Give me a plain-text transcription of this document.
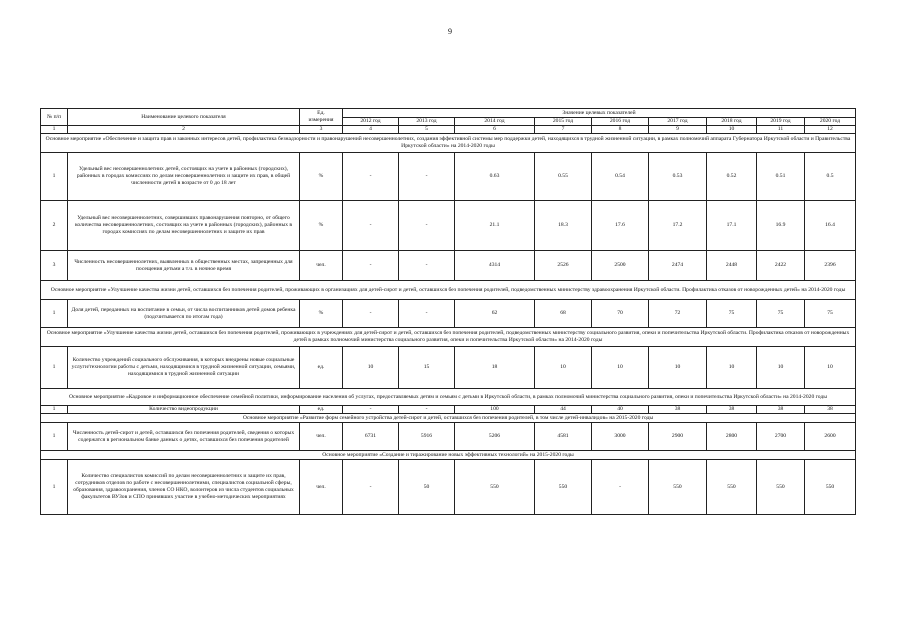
9
№ п/п	Наименование целевого показателя	Ед.
измерения	Значение целевых показателей								
			2012 год	2013 год	2014 год	2015 год	2016 год	2017 год	2018 год	2019 год	2020 год
1	2	3	4	5	6	7	8	9	10	11	12
Основное мероприятие «Обеспечение и защита прав и законных интересов детей, профилактика безнадзорности и правонарушений несовершеннолетних, создания эффективной системы мер поддержки детей, находящихся в трудной жизненной ситуации, в рамках полномочий аппарата Губернатора Иркутской области и Правительства Иркутской области» на 2014-2020 годы											
1	Удельный вес несовершеннолетних детей, состоящих на учете в районных (городских), районных в городах комиссиях по делам несовершеннолетних и защите их прав, в общей численности детей в возрасте от 0 до 18 лет	%	-	-	0.63	0.55	0.54	0.53	0.52	0.51	0.5
2	Удельный вес несовершеннолетних, совершивших правонарушения повторно, от общего количества несовершеннолетних, состоящих на учете в районных (городских), районных в городах комиссиях по делам несовершеннолетних и защите их прав	%	-	-	21.1	18.3	17.6	17.2	17.1	16.9	16.4
3	Численность несовершеннолетних, выявленных в общественных местах, запрещенных для посещения детьми а т.ч. в ночное время	чел.	-	-	4314	2526	2500	2474	2448	2422	2396
Основное мероприятие «Улучшение качества жизни детей, оставшихся без попечения родителей, проживающих в организациях для детей-сирот и детей, оставшихся без попечения родителей, подведомственных министерству здравоохранения Иркутской области. Профилактика отказов от новорожденных детей» на 2014-2020 годы											
1	Доля детей, переданных на воспитание в семьи, от числа воспитанников детей домов ребенка (подсчитывается по итогам года)	%	-	-	62	68	70	72	75	75	75
Основное мероприятие «Улучшение качества жизни детей, оставшихся без попечения родителей, проживающих в учреждениях для детей-сирот и детей, оставшихся без попечения родителей, подведомственных министерству социального развития, опеки и попечительства Иркутской области. Профилактика отказов от новорожденных детей в рамках полномочий министерства социального развития, опеки и попечительства Иркутской области» на 2014-2020 годы											
1	Количество учреждений социального обслуживания, в которых внедрены новые социальные услуги/технологии работы с детьми, находящимися в трудной жизненной ситуации, семьями, находящимися в трудной жизненной ситуации	ед.	10	15	18	10	10	10	10	10	10
Основное мероприятие «Кадровое и информационное обеспечение семейной политики, информирование населения об услугах, предоставляемых детям и семьям с детьми в Иркутской области, в рамках полномочий министерства социального развития, опеки и попечительства Иркутской области» на 2014-2020 годы											
1	Количество видеопродукции	ед.	-	-	100	44	40	38	38	38	38
Основное мероприятие «Развитие форм семейного устройства детей-сирот и детей, оставшихся без попечения родителей, в том числе детей-инвалидов» на 2015-2020 годы											
1	Численность детей-сирот и детей, оставшихся без попечения родителей, сведения о которых содержатся в региональном банке данных о детях, оставшихся без попечения родителей	чел.	6731	5916	5206	4581	3000	2900	2800	2700	2600
Основное мероприятие «Создание и тиражирование новых эффективных технологий» на 2015-2020 годы											
1	Количество специалистов комиссий по делам несовершеннолетних и защите их прав, сотрудников отделов по работе с несовершеннолетними, специалистов социальной сферы, образования, здравоохранения, членов СО НКО, волонтеров из числа студентов социальных факультетов ВУЗов и СПО принявших участие в учебно-методических мероприятиях	чел.	-	50	550	550	-	550	550	550	550
